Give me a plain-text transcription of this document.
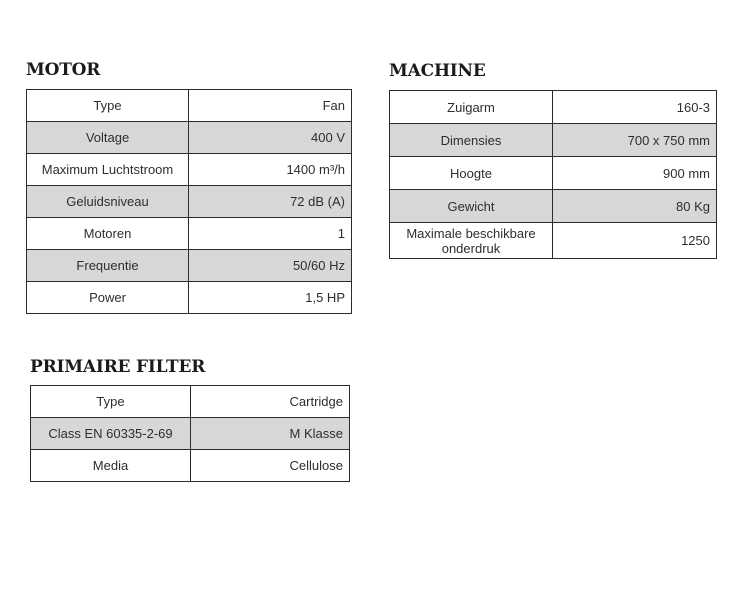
MOTOR
Type	Fan
Voltage	400 V
Maximum Luchtstroom	1400 m³/h
Geluidsniveau	72 dB (A)
Motoren	1
Frequentie	50/60 Hz
Power	1,5 HP
MACHINE
Zuigarm	160-3
Dimensies	700 x 750 mm
Hoogte	900 mm
Gewicht	80 Kg
Maximale beschikbare onderdruk	1250
PRIMAIRE FILTER
Type	Cartridge
Class EN 60335-2-69	M Klasse
Media	Cellulose
